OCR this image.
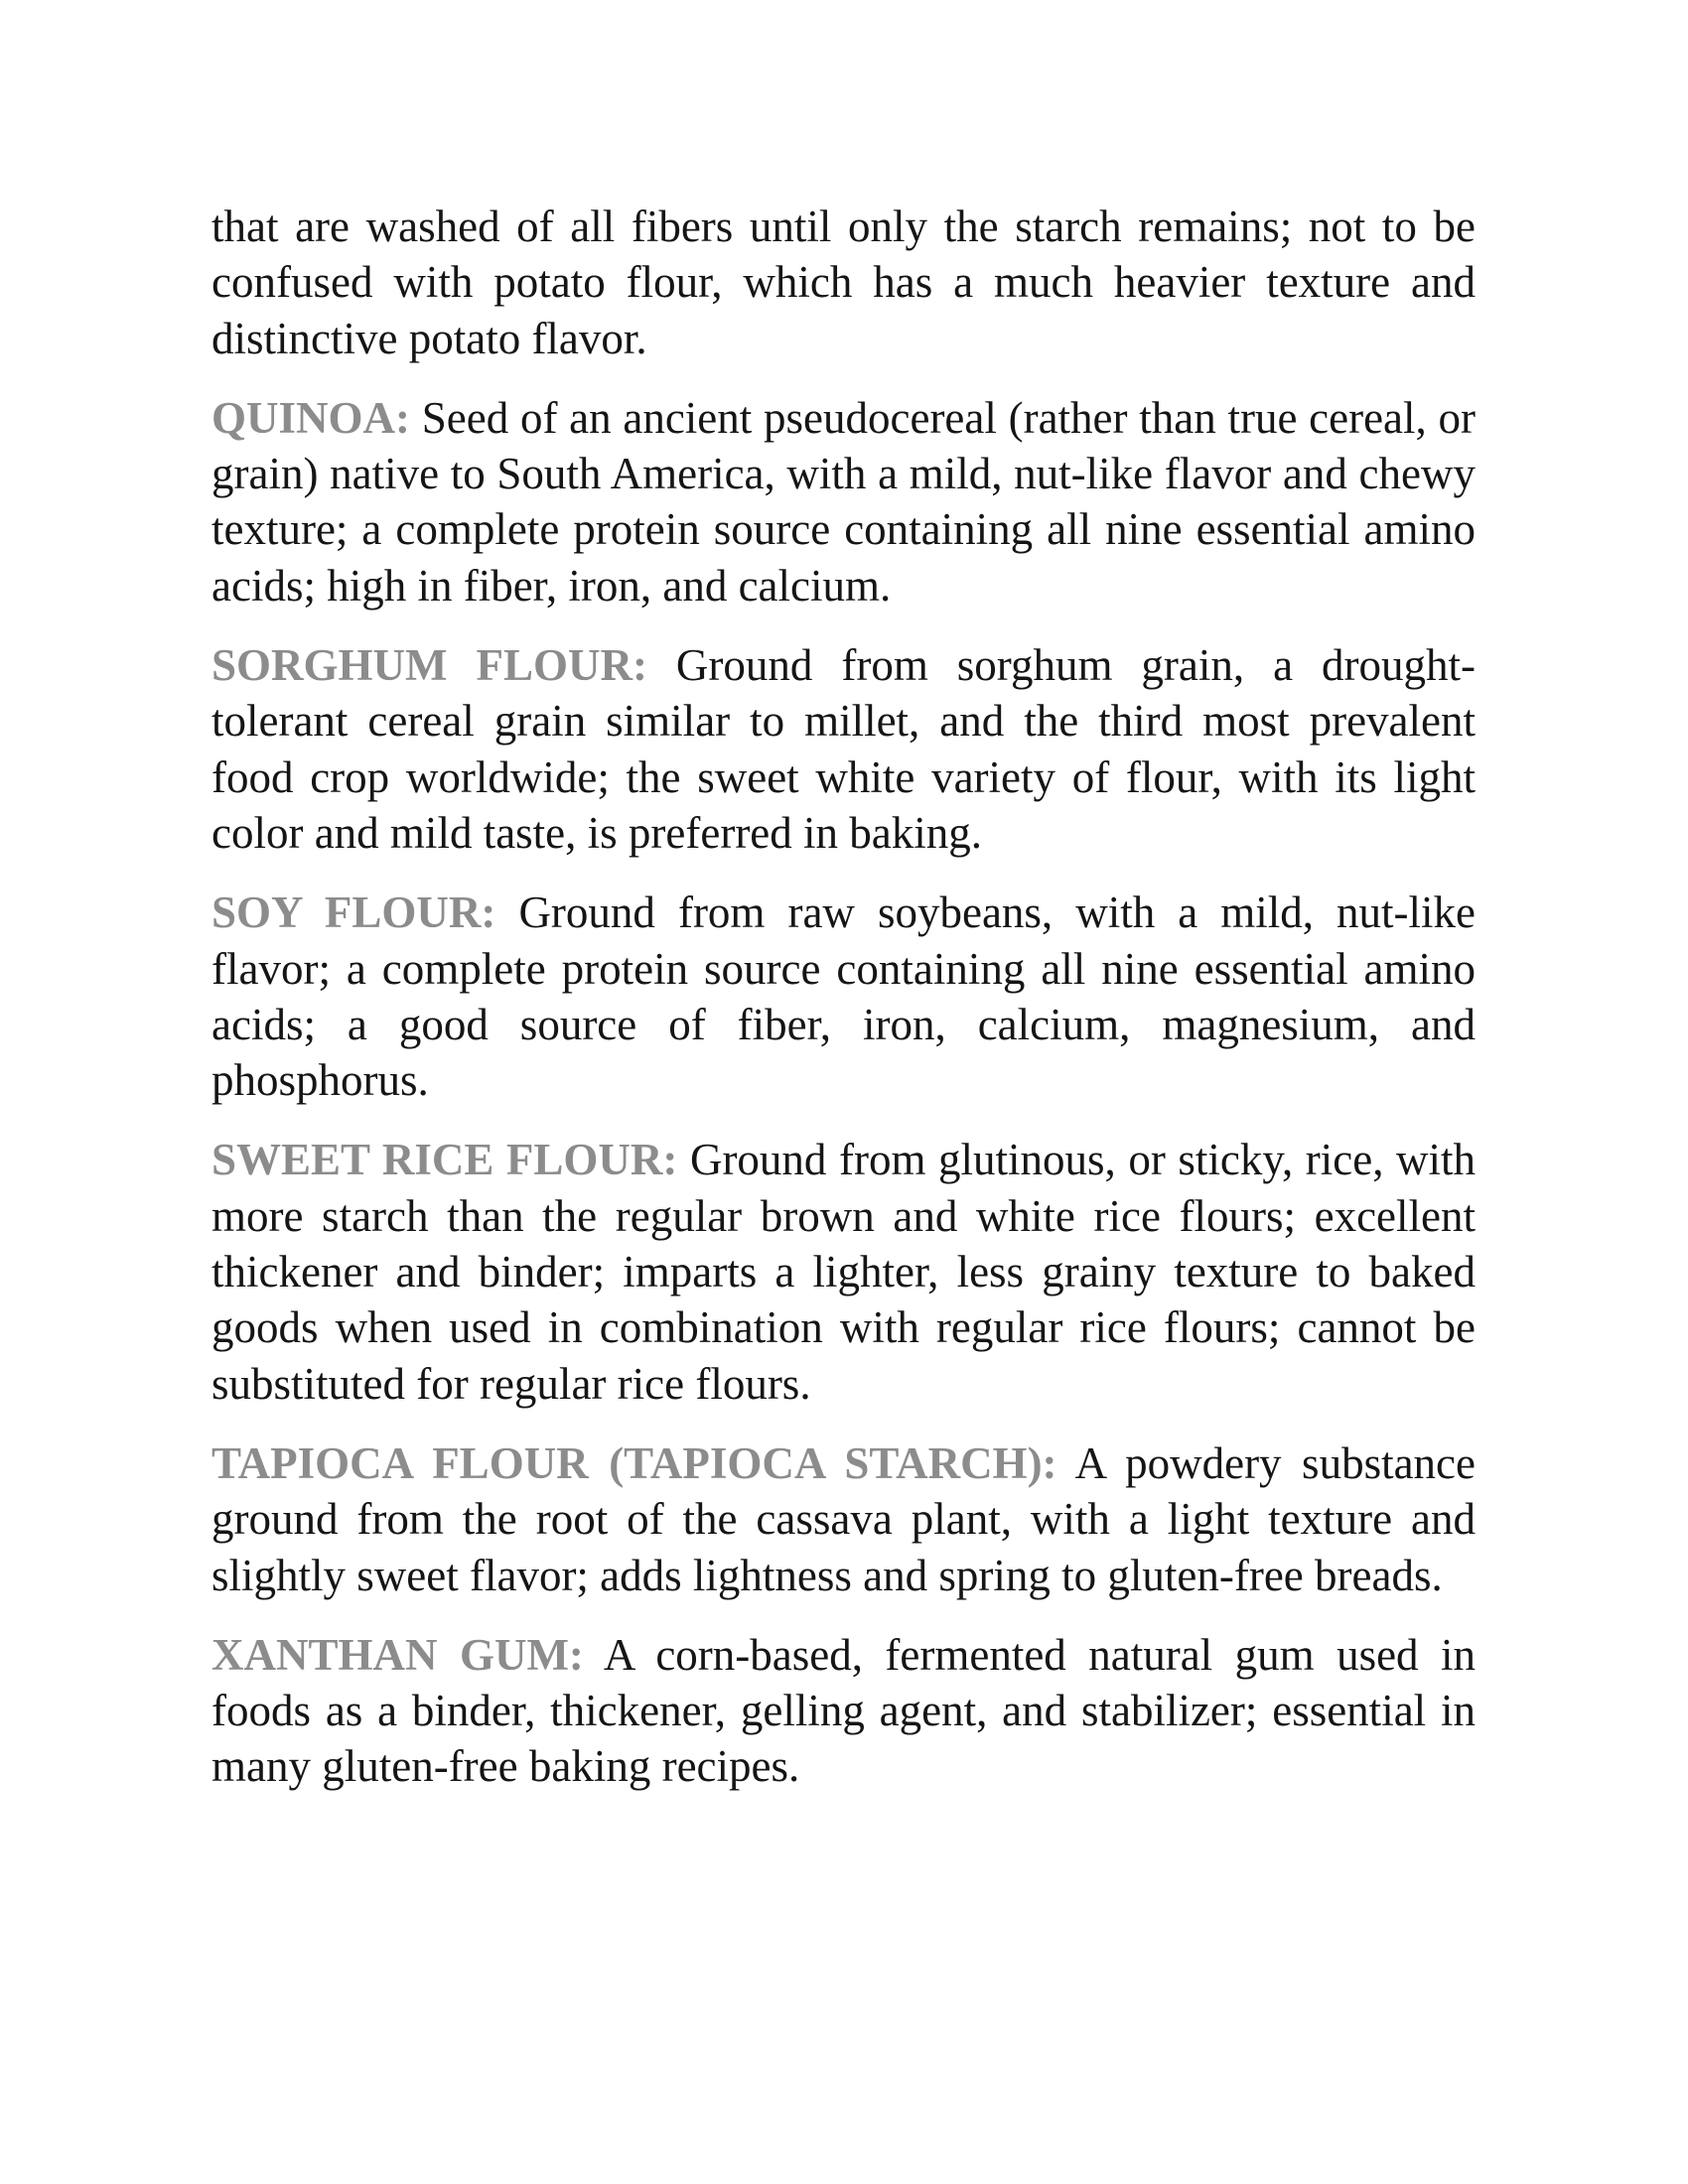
that are washed of all fibers until only the starch remains; not to be confused with potato flour, which has a much heavier texture and distinctive potato flavor.

QUINOA: Seed of an ancient pseudocereal (rather than true cereal, or grain) native to South America, with a mild, nut-like flavor and chewy texture; a complete protein source containing all nine essential amino acids; high in fiber, iron, and calcium.

SORGHUM FLOUR: Ground from sorghum grain, a drought-tolerant cereal grain similar to millet, and the third most prevalent food crop worldwide; the sweet white variety of flour, with its light color and mild taste, is preferred in baking.

SOY FLOUR: Ground from raw soybeans, with a mild, nut-like flavor; a complete protein source containing all nine essential amino acids; a good source of fiber, iron, calcium, magnesium, and phosphorus.

SWEET RICE FLOUR: Ground from glutinous, or sticky, rice, with more starch than the regular brown and white rice flours; excellent thickener and binder; imparts a lighter, less grainy texture to baked goods when used in combination with regular rice flours; cannot be substituted for regular rice flours.

TAPIOCA FLOUR (TAPIOCA STARCH): A powdery substance ground from the root of the cassava plant, with a light texture and slightly sweet flavor; adds lightness and spring to gluten-free breads.

XANTHAN GUM: A corn-based, fermented natural gum used in foods as a binder, thickener, gelling agent, and stabilizer; essential in many gluten-free baking recipes.
